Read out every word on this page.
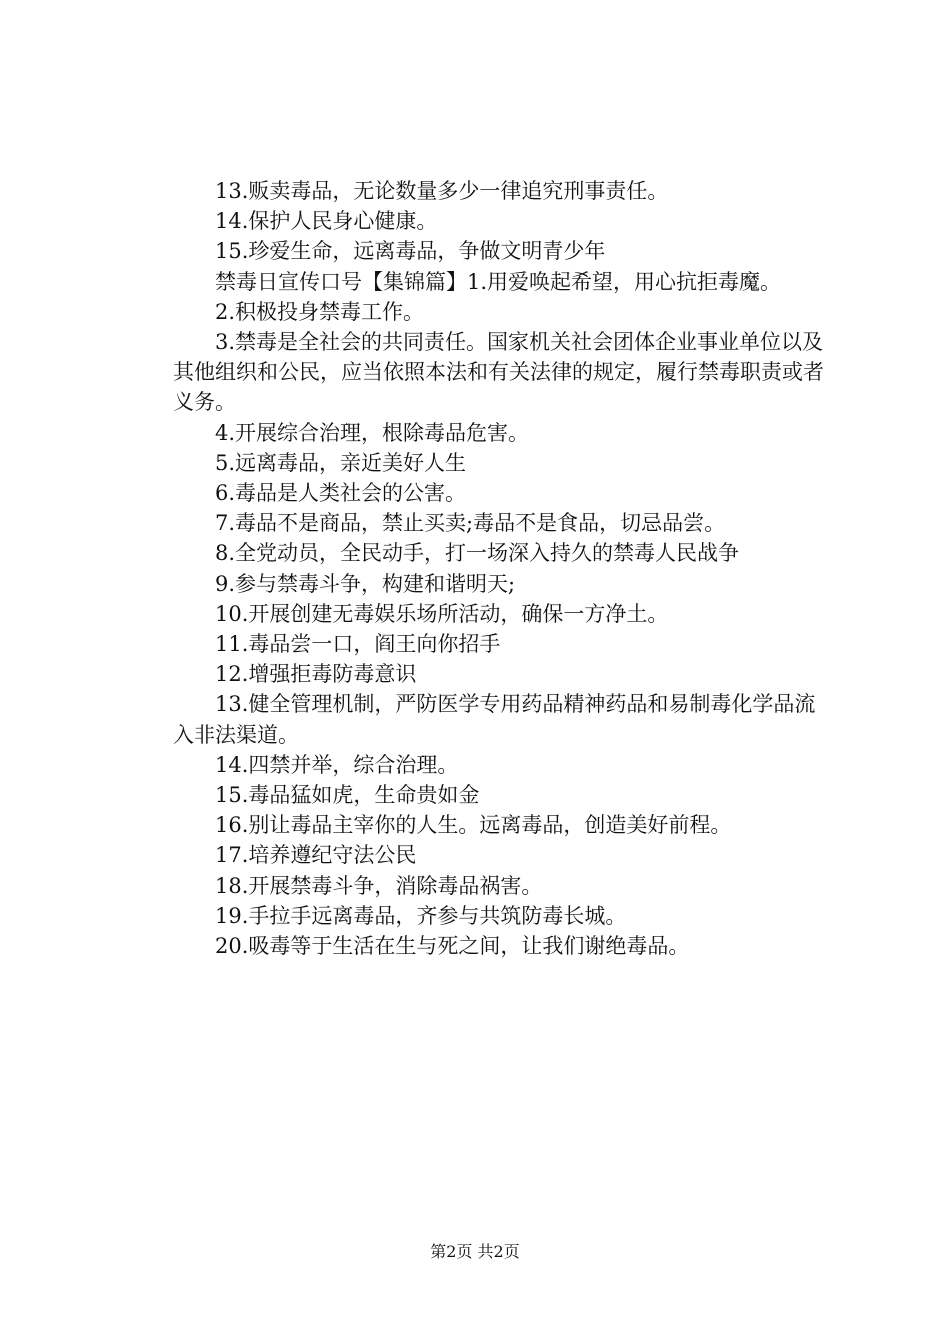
13.贩卖毒品，无论数量多少一律追究刑事责任。

14.保护人民身心健康。

15.珍爱生命，远离毒品，争做文明青少年

禁毒日宣传口号【集锦篇】1.用爱唤起希望，用心抗拒毒魔。

2.积极投身禁毒工作。

3.禁毒是全社会的共同责任。国家机关社会团体企业事业单位以及其他组织和公民，应当依照本法和有关法律的规定，履行禁毒职责或者义务。

4.开展综合治理，根除毒品危害。

5.远离毒品，亲近美好人生

6.毒品是人类社会的公害。

7.毒品不是商品，禁止买卖;毒品不是食品，切忌品尝。

8.全党动员，全民动手，打一场深入持久的禁毒人民战争

9.参与禁毒斗争，构建和谐明天;

10.开展创建无毒娱乐场所活动，确保一方净土。

11.毒品尝一口，阎王向你招手

12.增强拒毒防毒意识

13.健全管理机制，严防医学专用药品精神药品和易制毒化学品流入非法渠道。

14.四禁并举，综合治理。

15.毒品猛如虎，生命贵如金

16.别让毒品主宰你的人生。远离毒品，创造美好前程。

17.培养遵纪守法公民

18.开展禁毒斗争，消除毒品祸害。

19.手拉手远离毒品，齐参与共筑防毒长城。

20.吸毒等于生活在生与死之间，让我们谢绝毒品。

第2页 共2页
